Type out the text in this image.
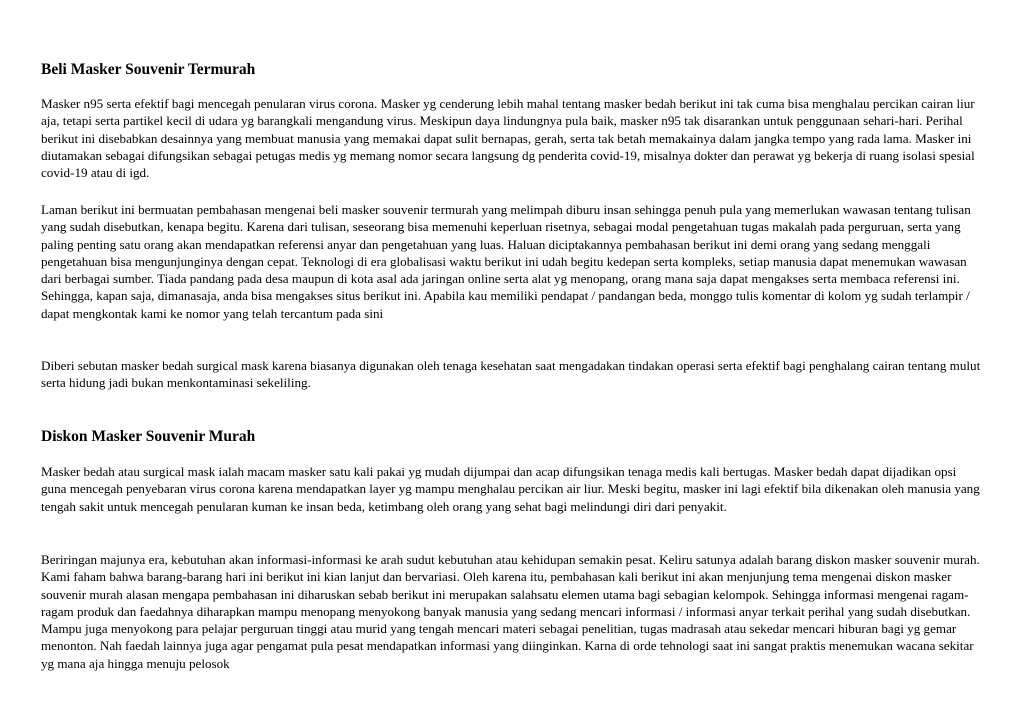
Beli Masker Souvenir Termurah

Masker n95 serta efektif bagi mencegah penularan virus corona. Masker yg cenderung lebih mahal tentang masker bedah berikut ini tak cuma bisa menghalau percikan cairan liur aja, tetapi serta partikel kecil di udara yg barangkali mengandung virus. Meskipun daya lindungnya pula baik, masker n95 tak disarankan untuk penggunaan sehari-hari. Perihal berikut ini disebabkan desainnya yang membuat manusia yang memakai dapat sulit bernapas, gerah, serta tak betah memakainya dalam jangka tempo yang rada lama. Masker ini diutamakan sebagai difungsikan sebagai petugas medis yg memang nomor secara langsung dg penderita covid-19, misalnya dokter dan perawat yg bekerja di ruang isolasi spesial covid-19 atau di igd.

Laman berikut ini bermuatan pembahasan mengenai beli masker souvenir termurah yang melimpah diburu insan sehingga penuh pula yang memerlukan wawasan tentang tulisan yang sudah disebutkan, kenapa begitu. Karena dari tulisan, seseorang bisa memenuhi keperluan risetnya, sebagai modal pengetahuan tugas makalah pada perguruan, serta yang paling penting satu orang akan mendapatkan referensi anyar dan pengetahuan yang luas. Haluan diciptakannya pembahasan berikut ini demi orang yang sedang menggali pengetahuan bisa mengunjunginya dengan cepat. Teknologi di era globalisasi waktu berikut ini udah begitu kedepan serta kompleks, setiap manusia dapat menemukan wawasan dari berbagai sumber. Tiada pandang pada desa maupun di kota asal ada jaringan online serta alat yg menopang, orang mana saja dapat mengakses serta membaca referensi ini. Sehingga, kapan saja, dimanasaja, anda bisa mengakses situs berikut ini. Apabila kau memiliki pendapat / pandangan beda, monggo tulis komentar di kolom yg sudah terlampir / dapat mengkontak kami ke nomor yang telah tercantum pada sini

Diberi sebutan masker bedah surgical mask karena biasanya digunakan oleh tenaga kesehatan saat mengadakan tindakan operasi serta efektif bagi penghalang cairan tentang mulut serta hidung jadi bukan menkontaminasi sekeliling.

Diskon Masker Souvenir Murah

Masker bedah atau surgical mask ialah macam masker satu kali pakai yg mudah dijumpai dan acap difungsikan tenaga medis kali bertugas. Masker bedah dapat dijadikan opsi guna mencegah penyebaran virus corona karena mendapatkan layer yg mampu menghalau percikan air liur. Meski begitu, masker ini lagi efektif bila dikenakan oleh manusia yang tengah sakit untuk mencegah penularan kuman ke insan beda, ketimbang oleh orang yang sehat bagi melindungi diri dari penyakit.

Beriringan majunya era, kebutuhan akan informasi-informasi ke arah sudut kebutuhan atau kehidupan semakin pesat. Keliru satunya adalah barang diskon masker souvenir murah. Kami faham bahwa barang-barang hari ini berikut ini kian lanjut dan bervariasi. Oleh karena itu, pembahasan kali berikut ini akan menjunjung tema mengenai diskon masker souvenir murah alasan mengapa pembahasan ini diharuskan sebab berikut ini merupakan salahsatu elemen utama bagi sebagian kelompok. Sehingga informasi mengenai ragam-ragam produk dan faedahnya diharapkan mampu menopang menyokong banyak manusia yang sedang mencari informasi / informasi anyar terkait perihal yang sudah disebutkan. Mampu juga menyokong para pelajar perguruan tinggi atau murid yang tengah mencari materi sebagai penelitian, tugas madrasah atau sekedar mencari hiburan bagi yg gemar menonton. Nah faedah lainnya juga agar pengamat pula pesat mendapatkan informasi yang diinginkan. Karna di orde tehnologi saat ini sangat praktis menemukan wacana sekitar yg mana aja hingga menuju pelosok
